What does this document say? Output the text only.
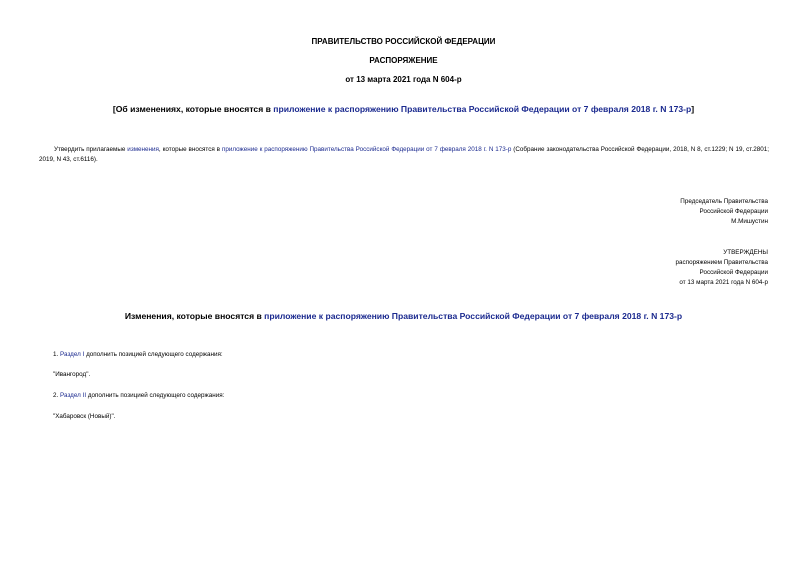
ПРАВИТЕЛЬСТВО РОССИЙСКОЙ ФЕДЕРАЦИИ
РАСПОРЯЖЕНИЕ
от 13 марта 2021 года N 604-р
[Об изменениях, которые вносятся в приложение к распоряжению Правительства Российской Федерации от 7 февраля 2018 г. N 173-р]

Утвердить прилагаемые изменения, которые вносятся в приложение к распоряжению Правительства Российской Федерации от 7 февраля 2018 г. N 173-р (Собрание законодательства Российской Федерации, 2018, N 8, ст.1229; N 19, ст.2801; 2019, N 43, ст.6116).

Председатель Правительства
Российской Федерации
М.Мишустин
УТВЕРЖДЕНЫ
распоряжением Правительства
Российской Федерации
от 13 марта 2021 года N 604-р
Изменения, которые вносятся в приложение к распоряжению Правительства Российской Федерации от 7 февраля 2018 г. N 173-р
1. Раздел I дополнить позицией следующего содержания:
"Ивангород".
2. Раздел II дополнить позицией следующего содержания:
"Хабаровск (Новый)".
